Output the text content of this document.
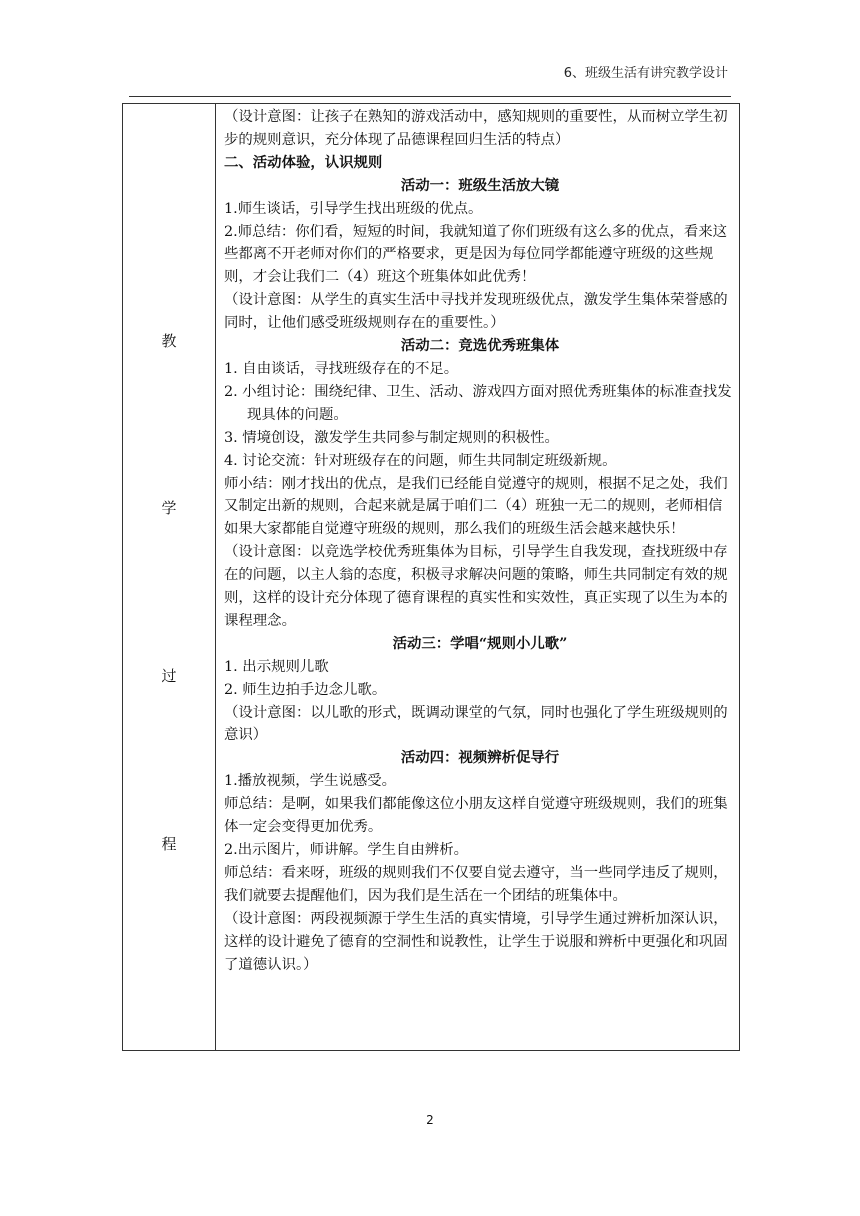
6、班级生活有讲究教学设计
教
学
过
程

（设计意图：让孩子在熟知的游戏活动中，感知规则的重要性，从而树立学生初步的规则意识，充分体现了品德课程回归生活的特点）

二、活动体验，认识规则

活动一：班级生活放大镜

1.师生谈话，引导学生找出班级的优点。

2.师总结：你们看，短短的时间，我就知道了你们班级有这么多的优点，看来这些都离不开老师对你们的严格要求，更是因为每位同学都能遵守班级的这些规则，才会让我们二（4）班这个班集体如此优秀！

（设计意图：从学生的真实生活中寻找并发现班级优点，激发学生集体荣誉感的同时，让他们感受班级规则存在的重要性。）

活动二：竞选优秀班集体

1. 自由谈话，寻找班级存在的不足。

2. 小组讨论：围绕纪律、卫生、活动、游戏四方面对照优秀班集体的标准查找发现具体的问题。

3. 情境创设，激发学生共同参与制定规则的积极性。

4. 讨论交流：针对班级存在的问题，师生共同制定班级新规。

师小结：刚才找出的优点，是我们已经能自觉遵守的规则，根据不足之处，我们又制定出新的规则，合起来就是属于咱们二（4）班独一无二的规则，老师相信如果大家都能自觉遵守班级的规则，那么我们的班级生活会越来越快乐！

（设计意图：以竞选学校优秀班集体为目标，引导学生自我发现，查找班级中存在的问题，以主人翁的态度，积极寻求解决问题的策略，师生共同制定有效的规则，这样的设计充分体现了德育课程的真实性和实效性，真正实现了以生为本的课程理念。

活动三：学唱“规则小儿歌”

1. 出示规则儿歌

2. 师生边拍手边念儿歌。

（设计意图：以儿歌的形式，既调动课堂的气氛，同时也强化了学生班级规则的意识）

活动四：视频辨析促导行

1.播放视频，学生说感受。

师总结：是啊，如果我们都能像这位小朋友这样自觉遵守班级规则，我们的班集体一定会变得更加优秀。

2.出示图片，师讲解。学生自由辨析。

师总结：看来呀，班级的规则我们不仅要自觉去遵守，当一些同学违反了规则，我们就要去提醒他们，因为我们是生活在一个团结的班集体中。

（设计意图：两段视频源于学生生活的真实情境，引导学生通过辨析加深认识，这样的设计避免了德育的空洞性和说教性，让学生于说服和辨析中更强化和巩固了道德认识。）

2
